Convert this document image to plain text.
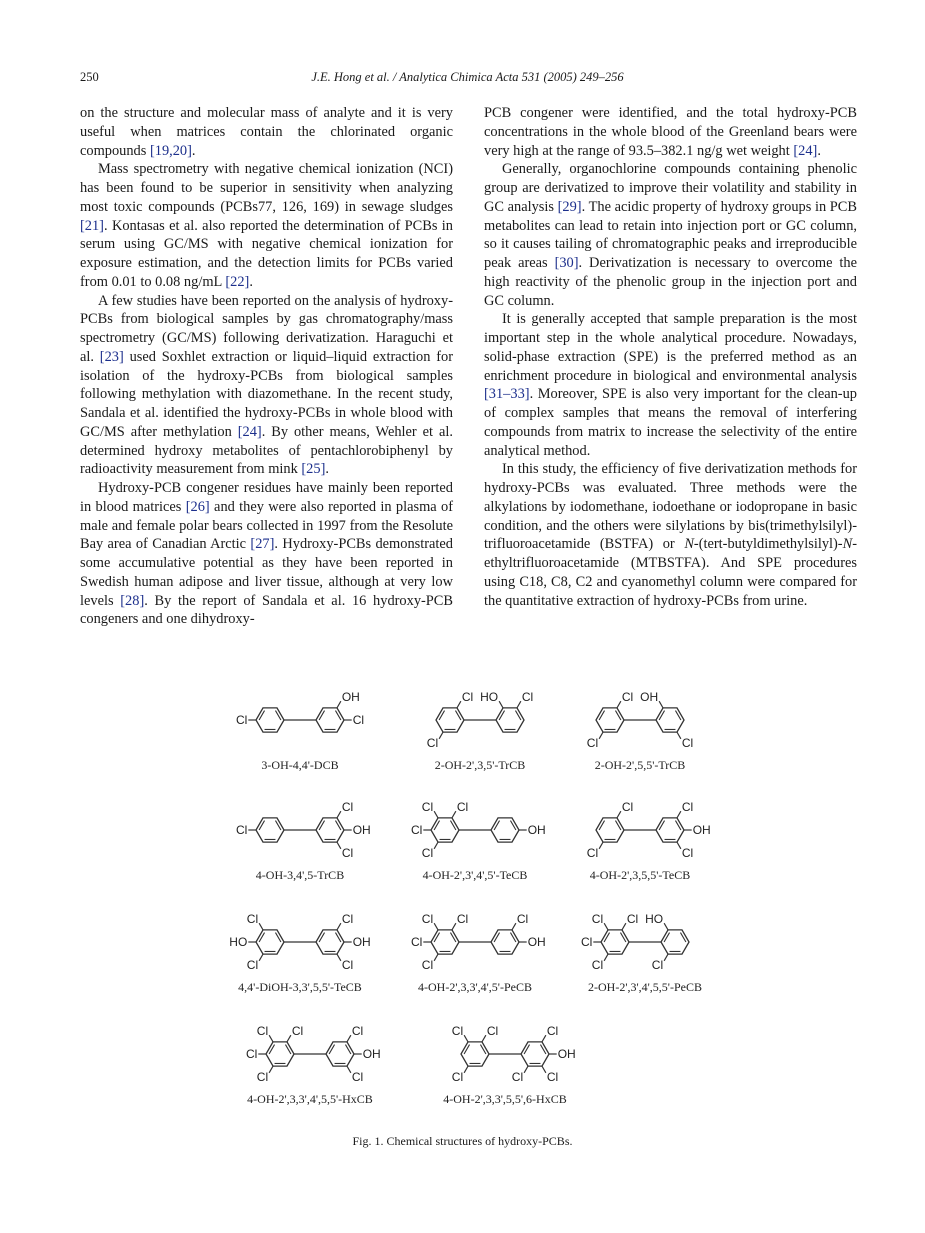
250	J.E. Hong et al. / Analytica Chimica Acta 531 (2005) 249–256

on the structure and molecular mass of analyte and it is very useful when matrices contain the chlorinated organic compounds [19,20].

Mass spectrometry with negative chemical ionization (NCI) has been found to be superior in sensitivity when analyzing most toxic compounds (PCBs77, 126, 169) in sewage sludges [21]. Kontasas et al. also reported the determination of PCBs in serum using GC/MS with negative chemical ionization for exposure estimation, and the detection limits for PCBs varied from 0.01 to 0.08 ng/mL [22].

A few studies have been reported on the analysis of hydroxy-PCBs from biological samples by gas chromatography/mass spectrometry (GC/MS) following derivatization. Haraguchi et al. [23] used Soxhlet extraction or liquid–liquid extraction for isolation of the hydroxy-PCBs from biological samples following methylation with diazomethane. In the recent study, Sandala et al. identified the hydroxy-PCBs in whole blood with GC/MS after methylation [24]. By other means, Wehler et al. determined hydroxy metabolites of pentachlorobiphenyl by radioactivity measurement from mink [25].

Hydroxy-PCB congener residues have mainly been reported in blood matrices [26] and they were also reported in plasma of male and female polar bears collected in 1997 from the Resolute Bay area of Canadian Arctic [27]. Hydroxy-PCBs demonstrated some accumulative potential as they have been reported in Swedish human adipose and liver tissue, although at very low levels [28]. By the report of Sandala et al. 16 hydroxy-PCB congeners and one dihydroxy-

PCB congener were identified, and the total hydroxy-PCB concentrations in the whole blood of the Greenland bears were very high at the range of 93.5–382.1 ng/g wet weight [24].

Generally, organochlorine compounds containing phenolic group are derivatized to improve their volatility and stability in GC analysis [29]. The acidic property of hydroxy groups in PCB metabolites can lead to retain into injection port or GC column, so it causes tailing of chromatographic peaks and irreproducible peak areas [30]. Derivatization is necessary to overcome the high reactivity of the phenolic group in the injection port and GC column.

It is generally accepted that sample preparation is the most important step in the whole analytical procedure. Nowadays, solid-phase extraction (SPE) is the preferred method as an enrichment procedure in biological and environmental analysis [31–33]. Moreover, SPE is also very important for the clean-up of complex samples that means the removal of interfering compounds from matrix to increase the selectivity of the entire analytical method.

In this study, the efficiency of five derivatization methods for hydroxy-PCBs was evaluated. Three methods were the alkylations by iodomethane, iodoethane or iodopropane in basic condition, and the others were silylations by bis(trimethylsilyl)-trifluoroacetamide (BSTFA) or N-(tert-butyldimethylsilyl)-N-ethyltrifluoroacetamide (MTBSTFA). And SPE procedures using C18, C8, C2 and cyanomethyl column were compared for the quantitative extraction of hydroxy-PCBs from urine.

Cl
OH
Cl
3-OH-4,4'-DCB
Cl
Cl
HO Cl
2-OH-2',3,5'-TrCB
Cl
Cl
OH
Cl
2-OH-2',5,5'-TrCB
Cl
Cl
OH
Cl
4-OH-3,4',5-TrCB
Cl Cl
Cl
Cl
OH
4-OH-2',3',4',5'-TeCB
Cl
Cl
Cl
OH
Cl
4-OH-2',3,5,5'-TeCB
Cl
HO
Cl
Cl
OH
Cl
4,4'-DiOH-3,3',5,5'-TeCB
Cl Cl
Cl
Cl
Cl
OH
4-OH-2',3,3',4',5'-PeCB
Cl Cl
Cl
Cl
HO
Cl
2-OH-2',3',4',5,5'-PeCB
Cl Cl
Cl
Cl
Cl
OH
Cl
4-OH-2',3,3',4',5,5'-HxCB
Cl Cl
Cl
Cl
OH
Cl
Cl
4-OH-2',3,3',5,5',6-HxCB
Fig. 1. Chemical structures of hydroxy-PCBs.
